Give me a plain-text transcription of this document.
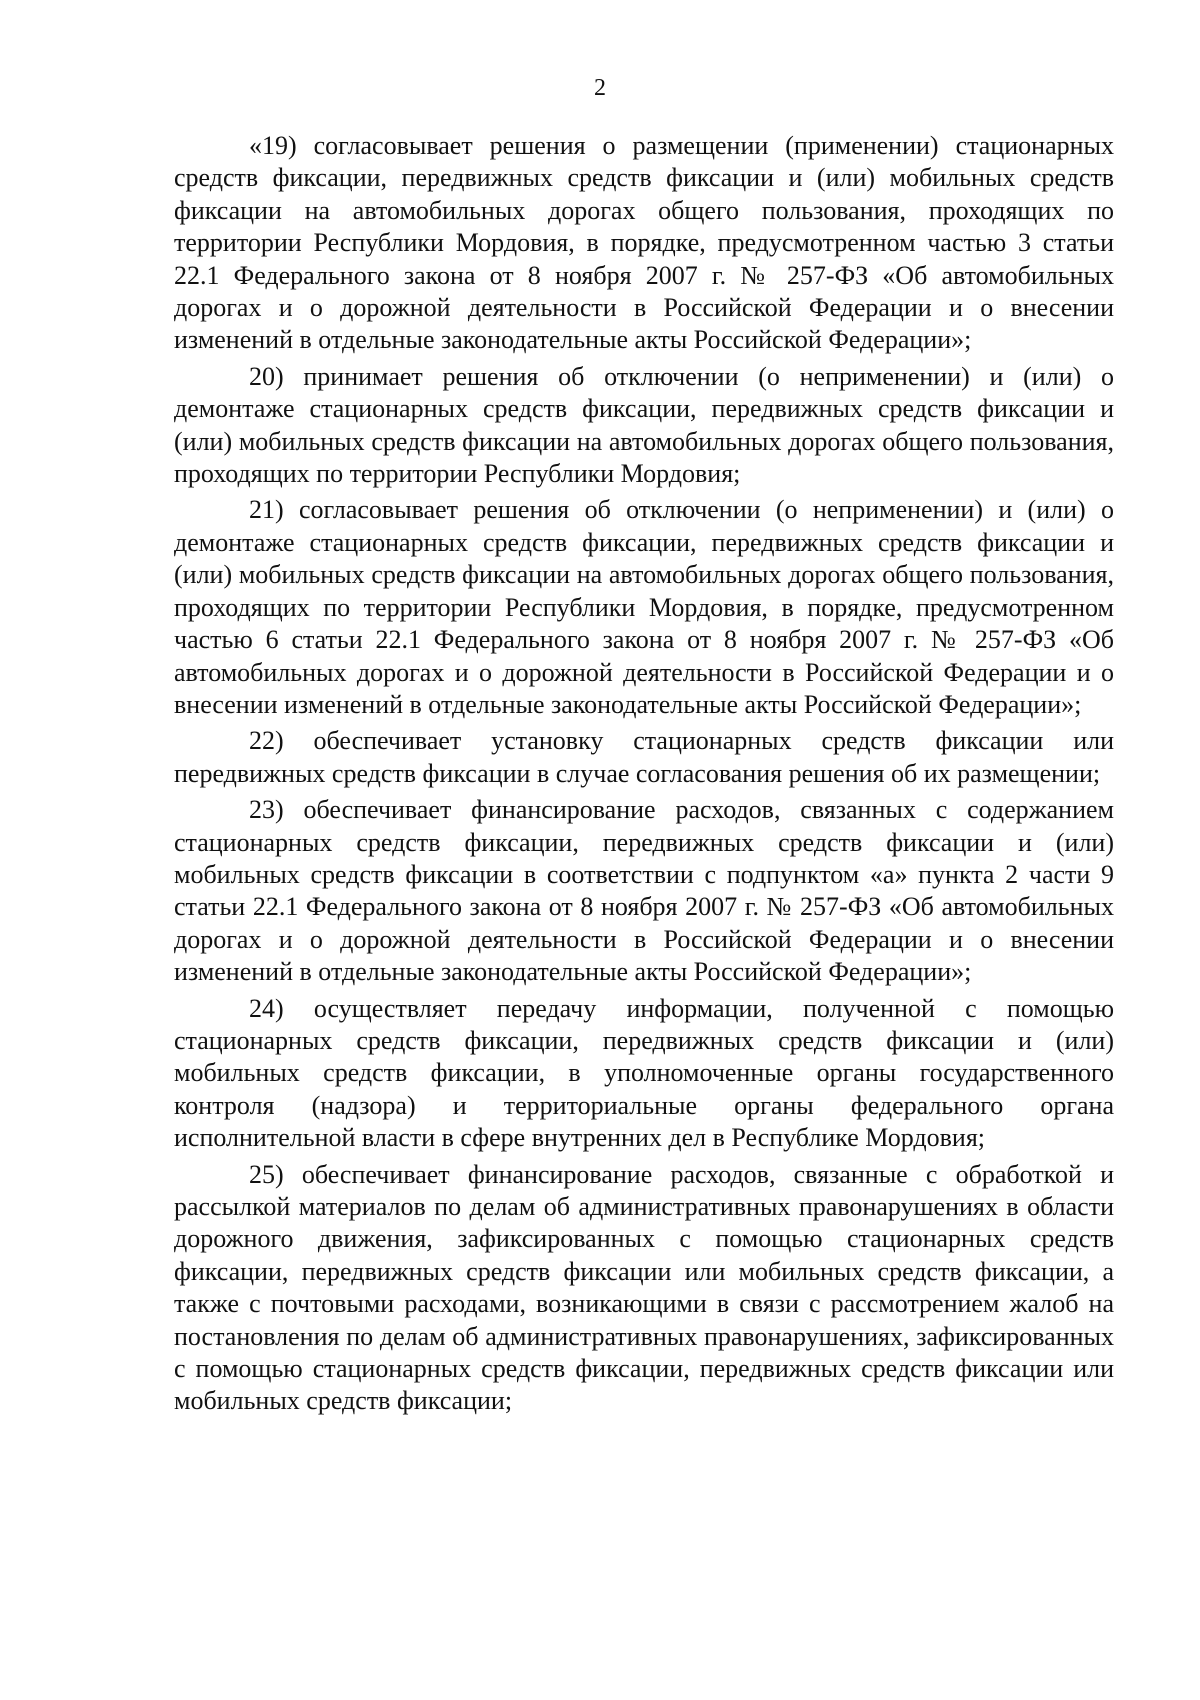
2

«19) согласовывает решения о размещении (применении) стационарных средств фиксации, передвижных средств фиксации и (или) мобильных средств фиксации на автомобильных дорогах общего пользования, проходящих по территории Республики Мордовия, в порядке, предусмотренном частью 3 статьи 22.1 Федерального закона от 8 ноября 2007 г. № 257-ФЗ «Об автомобильных дорогах и о дорожной деятельности в Российской Федерации и о внесении изменений в отдельные законодательные акты Российской Федерации»;

20) принимает решения об отключении (о неприменении) и (или) о демонтаже стационарных средств фиксации, передвижных средств фиксации и (или) мобильных средств фиксации на автомобильных дорогах общего пользования, проходящих по территории Республики Мордовия;

21) согласовывает решения об отключении (о неприменении) и (или) о демонтаже стационарных средств фиксации, передвижных средств фиксации и (или) мобильных средств фиксации на автомобильных дорогах общего пользования, проходящих по территории Республики Мордовия, в порядке, предусмотренном частью 6 статьи 22.1 Федерального закона от 8 ноября 2007 г. № 257-ФЗ «Об автомобильных дорогах и о дорожной деятельности в Российской Федерации и о внесении изменений в отдельные законодательные акты Российской Федерации»;

22) обеспечивает установку стационарных средств фиксации или передвижных средств фиксации в случае согласования решения об их размещении;

23) обеспечивает финансирование расходов, связанных с содержанием стационарных средств фиксации, передвижных средств фиксации и (или) мобильных средств фиксации в соответствии с подпунктом «а» пункта 2 части 9 статьи 22.1 Федерального закона от 8 ноября 2007 г. № 257-ФЗ «Об автомобильных дорогах и о дорожной деятельности в Российской Федерации и о внесении изменений в отдельные законодательные акты Российской Федерации»;

24) осуществляет передачу информации, полученной с помощью стационарных средств фиксации, передвижных средств фиксации и (или) мобильных средств фиксации, в уполномоченные органы государственного контроля (надзора) и территориальные органы федерального органа исполнительной власти в сфере внутренних дел в Республике Мордовия;

25) обеспечивает финансирование расходов, связанные с обработкой и рассылкой материалов по делам об административных правонарушениях в области дорожного движения, зафиксированных с помощью стационарных средств фиксации, передвижных средств фиксации или мобильных средств фиксации, а также с почтовыми расходами, возникающими в связи с рассмотрением жалоб на постановления по делам об административных правонарушениях, зафиксированных с помощью стационарных средств фиксации, передвижных средств фиксации или мобильных средств фиксации;
